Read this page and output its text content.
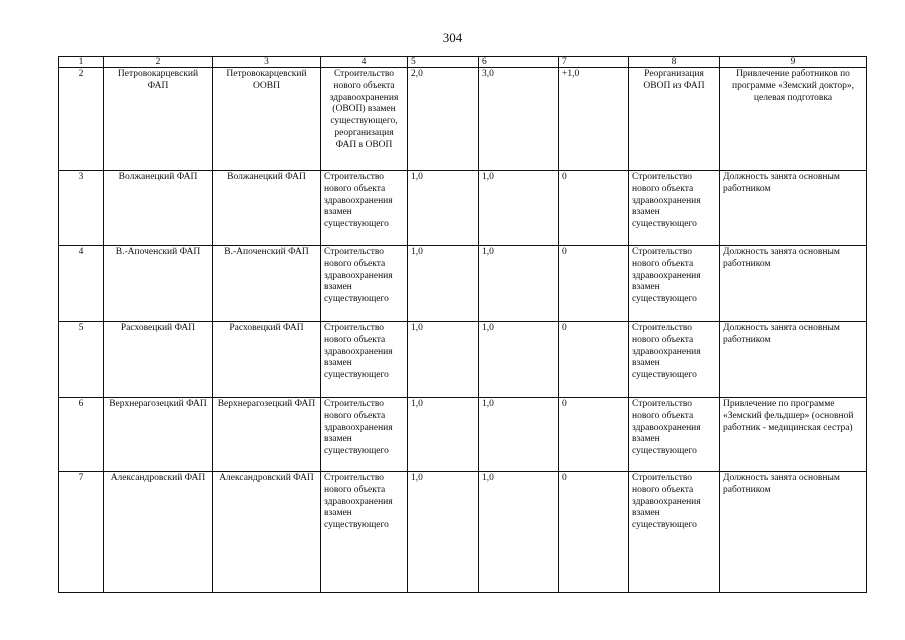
304
1	2	3	4	5	6	7	8	9
2	Петровокарцевский ФАП	Петровокарцевский ООВП	Строительство нового объекта здравоохранения (ОВОП) взамен существующего, реорганизация ФАП в ОВОП	2,0	3,0	+1,0	Реорганизация ОВОП из ФАП	Привлечение работников по программе «Земский доктор», целевая подготовка
3	Волжанецкий ФАП	Волжанецкий ФАП	Строительство нового объекта здравоохранения взамен существующего	1,0	1,0	0	Строительство нового объекта здравоохранения взамен существующего	Должность занята основным работником
4	В.-Апоченский ФАП	В.-Апоченский ФАП	Строительство нового объекта здравоохранения взамен существующего	1,0	1,0	0	Строительство нового объекта здравоохранения взамен существующего	Должность занята основным работником
5	Расховецкий ФАП	Расховецкий ФАП	Строительство нового объекта здравоохранения взамен существующего	1,0	1,0	0	Строительство нового объекта здравоохранения взамен существующего	Должность занята основным работником
6	Верхнерагозецкий ФАП	Верхнерагозецкий ФАП	Строительство нового объекта здравоохранения взамен существующего	1,0	1,0	0	Строительство нового объекта здравоохранения взамен существующего	Привлечение по программе «Земский фельдшер» (основной работник - медицинская сестра)
7	Александровский ФАП	Александровский ФАП	Строительство нового объекта здравоохранения взамен существующего	1,0	1,0	0	Строительство нового объекта здравоохранения взамен существующего	Должность занята основным работником
